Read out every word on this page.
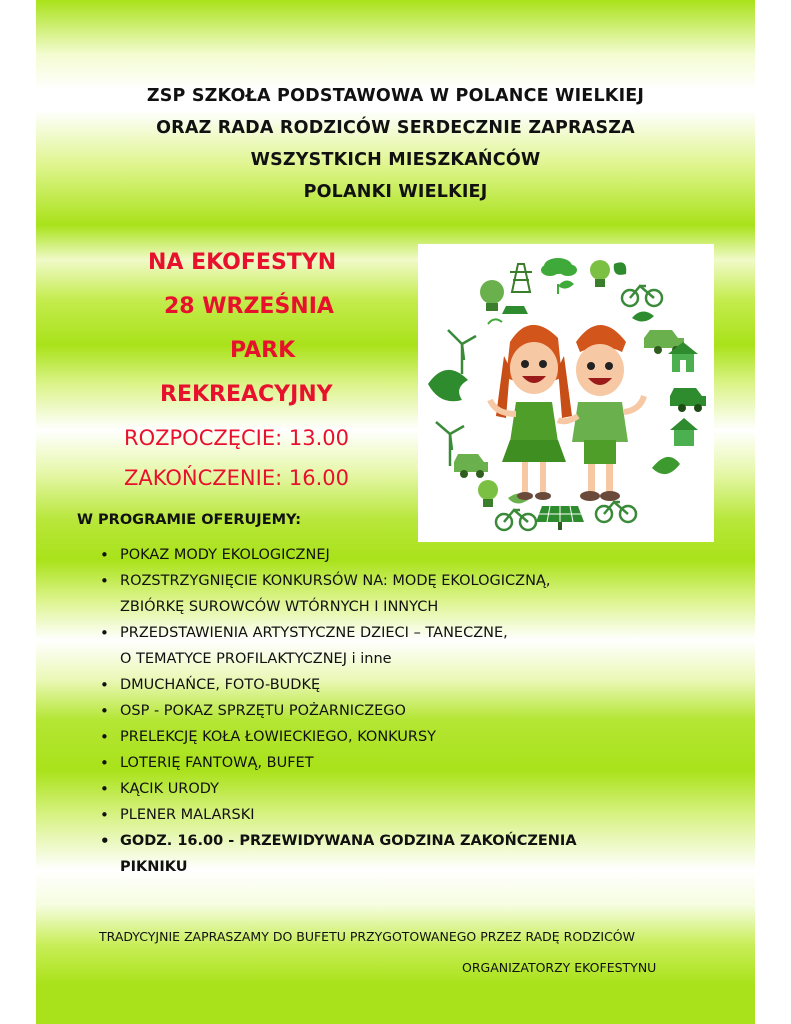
ZSP SZKOŁA PODSTAWOWA W POLANCE WIELKIEJ
ORAZ RADA RODZICÓW SERDECZNIE ZAPRASZA
WSZYSTKICH MIESZKAŃCÓW
POLANKI WIELKIEJ
NA EKOFESTYN
28 WRZEŚNIA
PARK
REKREACYJNY
ROZPOCZĘCIE: 13.00
ZAKOŃCZENIE: 16.00
W PROGRAMIE OFERUJEMY:
• POKAZ MODY EKOLOGICZNEJ
• ROZSTRZYGNIĘCIE KONKURSÓW NA: MODĘ EKOLOGICZNĄ,
ZBIÓRKĘ SUROWCÓW WTÓRNYCH I INNYCH
• PRZEDSTAWIENIA ARTYSTYCZNE DZIECI – TANECZNE,
O TEMATYCE PROFILAKTYCZNEJ i inne
• DMUCHAŃCE, FOTO-BUDKĘ
• OSP - POKAZ SPRZĘTU POŻARNICZEGO
• PRELEKCJĘ KOŁA ŁOWIECKIEGO, KONKURSY
• LOTERIĘ FANTOWĄ, BUFET
• KĄCIK URODY
• PLENER MALARSKI
• GODZ. 16.00 - PRZEWIDYWANA GODZINA ZAKOŃCZENIA
PIKNIKU
TRADYCYJNIE ZAPRASZAMY DO BUFETU PRZYGOTOWANEGO PRZEZ RADĘ RODZICÓW
ORGANIZATORZY EKOFESTYNU
